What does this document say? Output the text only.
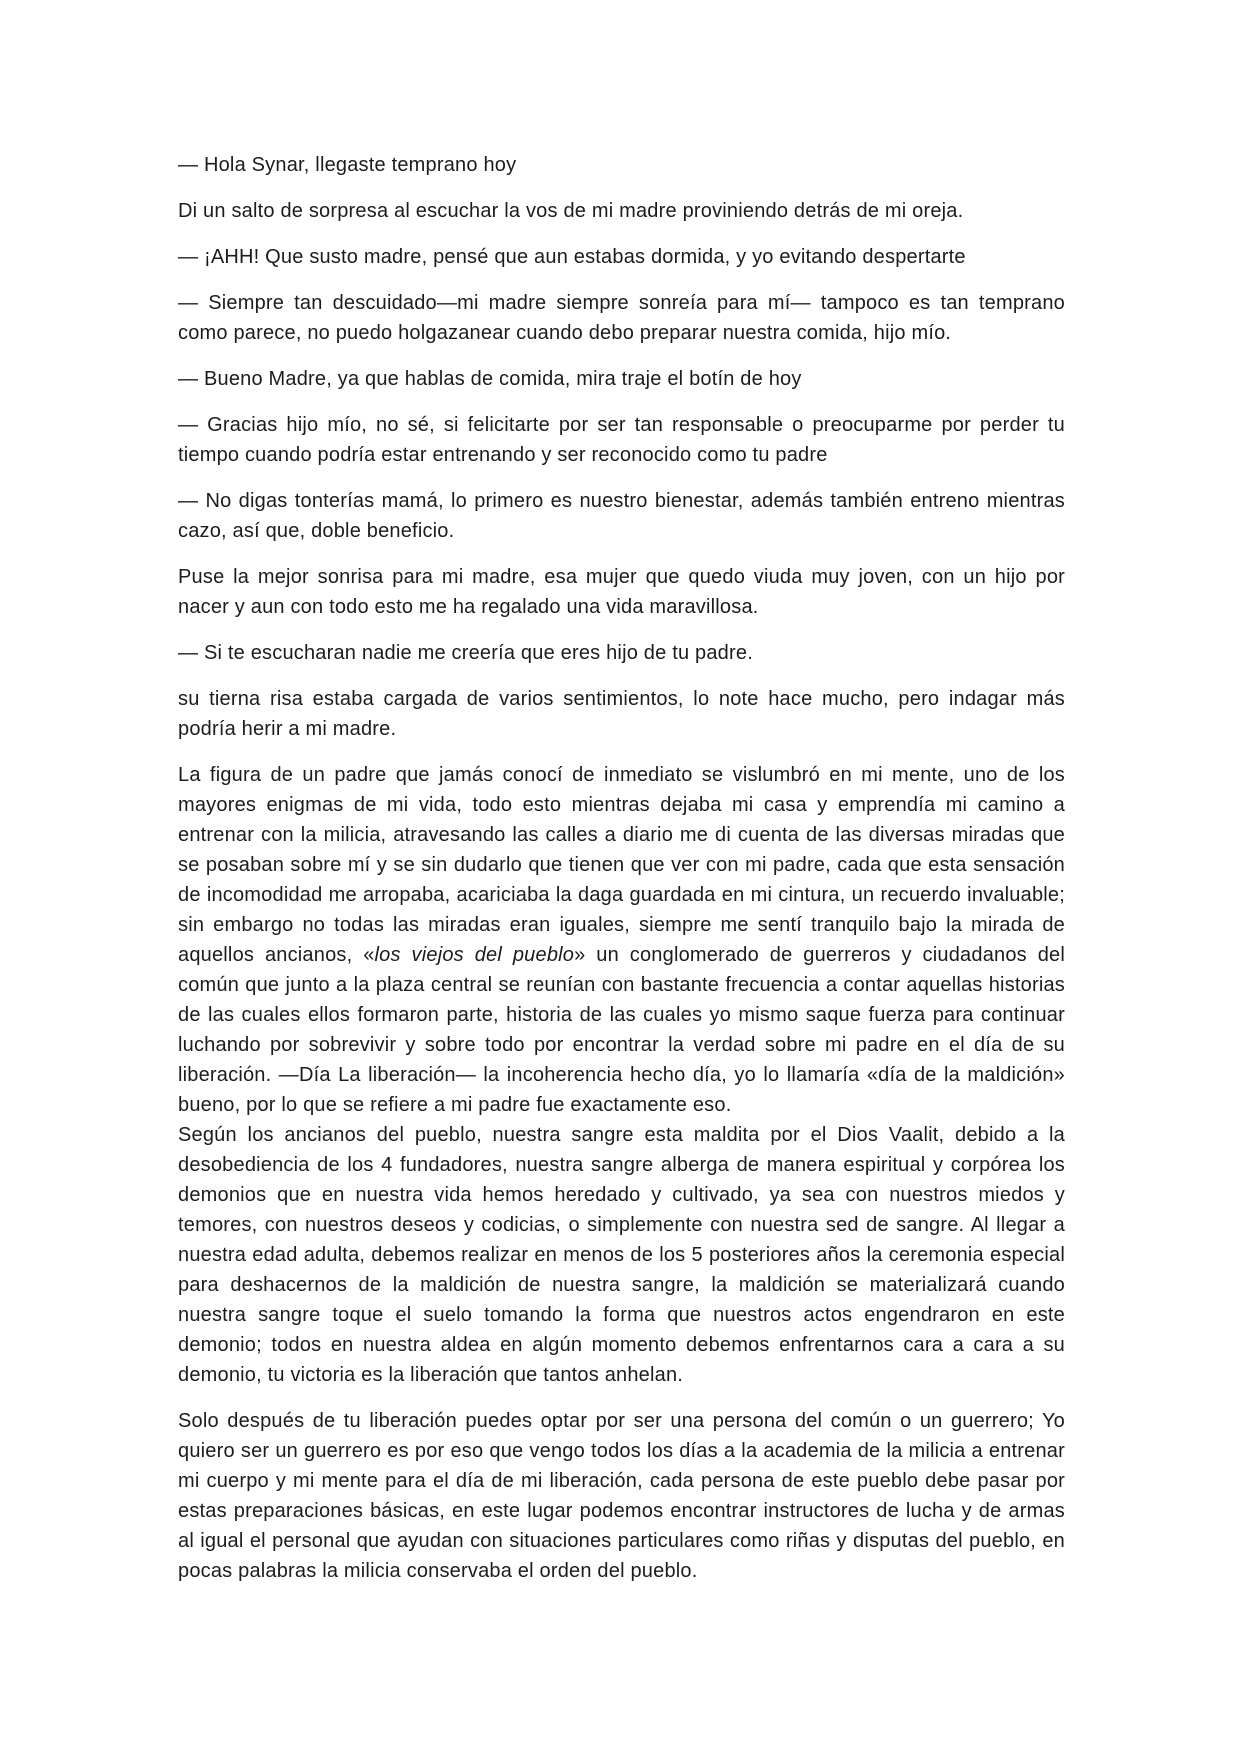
— Hola Synar, llegaste temprano hoy

Di un salto de sorpresa al escuchar la vos de mi madre proviniendo detrás de mi oreja.

— ¡AHH! Que susto madre, pensé que aun estabas dormida, y yo evitando despertarte

— Siempre tan descuidado—mi madre siempre sonreía para mí— tampoco es tan temprano como parece, no puedo holgazanear cuando debo preparar nuestra comida, hijo mío.

— Bueno Madre, ya que hablas de comida, mira traje el botín de hoy

— Gracias hijo mío, no sé, si felicitarte por ser tan responsable o preocuparme por perder tu tiempo cuando podría estar entrenando y ser reconocido como tu padre

— No digas tonterías mamá, lo primero es nuestro bienestar, además también entreno mientras cazo, así que, doble beneficio.

Puse la mejor sonrisa para mi madre, esa mujer que quedo viuda muy joven, con un hijo por nacer y aun con todo esto me ha regalado una vida maravillosa.

— Si te escucharan nadie me creería que eres hijo de tu padre.

su tierna risa estaba cargada de varios sentimientos, lo note hace mucho, pero indagar más podría herir a mi madre.

La figura de un padre que jamás conocí de inmediato se vislumbró en mi mente, uno de los mayores enigmas de mi vida, todo esto mientras dejaba mi casa y emprendía mi camino a entrenar con la milicia, atravesando las calles a diario me di cuenta de las diversas miradas que se posaban sobre mí y se sin dudarlo que tienen que ver con mi padre, cada que esta sensación de incomodidad me arropaba, acariciaba la daga guardada en mi cintura, un recuerdo invaluable; sin embargo no todas las miradas eran iguales, siempre me sentí tranquilo bajo la mirada de aquellos ancianos, «los viejos del pueblo» un conglomerado de guerreros y ciudadanos del común que junto a la plaza central se reunían con bastante frecuencia a contar aquellas historias de las cuales ellos formaron parte, historia de las cuales yo mismo saque fuerza para continuar luchando por sobrevivir y sobre todo por encontrar la verdad sobre mi padre en el día de su liberación. —Día La liberación— la incoherencia hecho día, yo lo llamaría «día de la maldición» bueno, por lo que se refiere a mi padre fue exactamente eso.

Según los ancianos del pueblo, nuestra sangre esta maldita por el Dios Vaalit, debido a la desobediencia de los 4 fundadores, nuestra sangre alberga de manera espiritual y corpórea los demonios que en nuestra vida hemos heredado y cultivado, ya sea con nuestros miedos y temores, con nuestros deseos y codicias, o simplemente con nuestra sed de sangre. Al llegar a nuestra edad adulta, debemos realizar en menos de los 5 posteriores años la ceremonia especial para deshacernos de la maldición de nuestra sangre, la maldición se materializará cuando nuestra sangre toque el suelo tomando la forma que nuestros actos engendraron en este demonio; todos en nuestra aldea en algún momento debemos enfrentarnos cara a cara a su demonio, tu victoria es la liberación que tantos anhelan.

Solo después de tu liberación puedes optar por ser una persona del común o un guerrero; Yo quiero ser un guerrero es por eso que vengo todos los días a la academia de la milicia a entrenar mi cuerpo y mi mente para el día de mi liberación, cada persona de este pueblo debe pasar por estas preparaciones básicas, en este lugar podemos encontrar instructores de lucha y de armas al igual el personal que ayudan con situaciones particulares como riñas y disputas del pueblo, en pocas palabras la milicia conservaba el orden del pueblo.
